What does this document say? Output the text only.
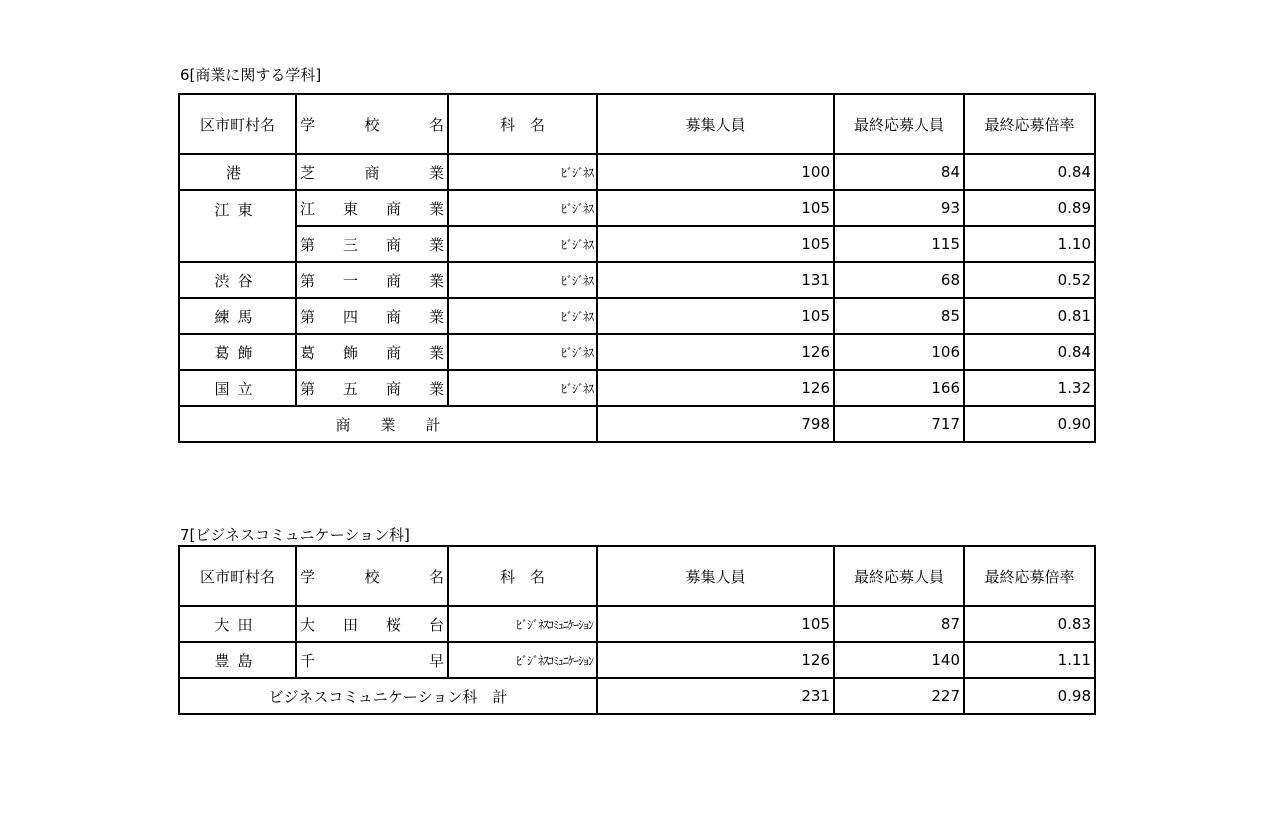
6[商業に関する学科]
区市町村名	学校名	科　名	募集人員	最終応募人員	最終応募倍率
港	芝商業	ﾋﾞｼﾞﾈｽ	100	84	0.84
江東	江東商業	ﾋﾞｼﾞﾈｽ	105	93	0.89

	第三商業	ﾋﾞｼﾞﾈｽ	105	115	1.10
渋谷	第一商業	ﾋﾞｼﾞﾈｽ	131	68	0.52
練馬	第四商業	ﾋﾞｼﾞﾈｽ	105	85	0.81
葛飾	葛飾商業	ﾋﾞｼﾞﾈｽ	126	106	0.84
国立	第五商業	ﾋﾞｼﾞﾈｽ	126	166	1.32
商　　業　　計			798	717	0.90
7[ビジネスコミュニケーション科]
区市町村名	学校名	科　名	募集人員	最終応募人員	最終応募倍率
大田	大田桜台	ﾋﾞｼﾞﾈｽｺﾐｭﾆｹｰｼｮﾝ	105	87	0.83
豊島	千早	ﾋﾞｼﾞﾈｽｺﾐｭﾆｹｰｼｮﾝ	126	140	1.11
ビジネスコミュニケーション科　計			231	227	0.98
